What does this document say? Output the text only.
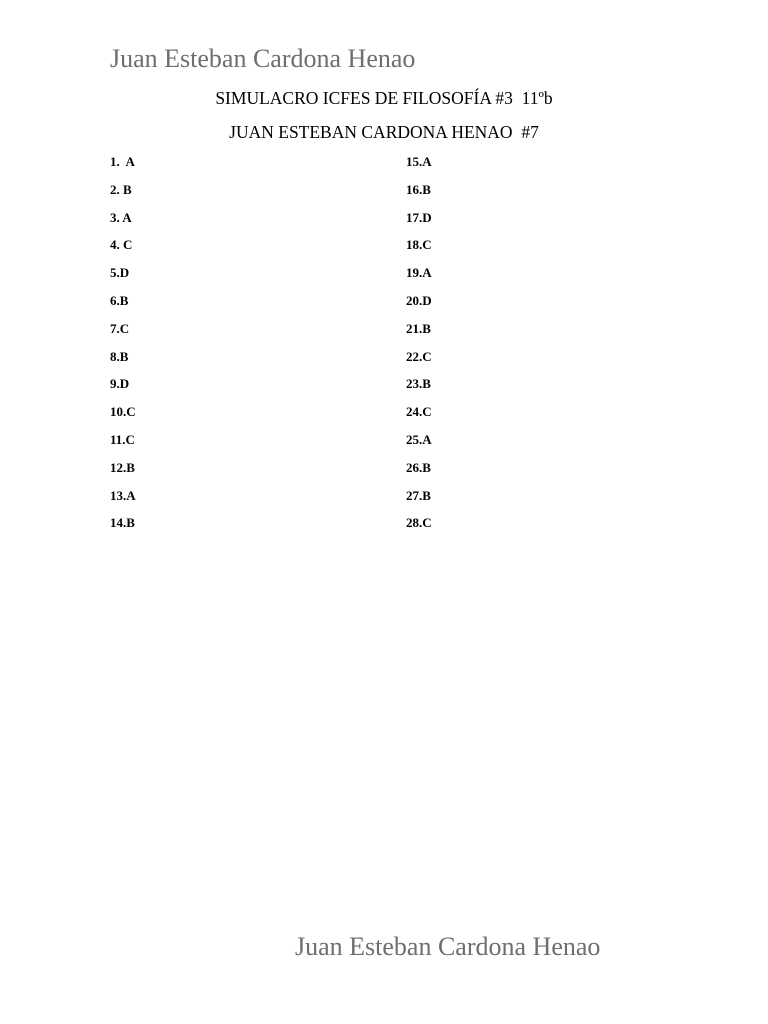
Juan Esteban Cardona Henao
SIMULACRO ICFES DE FILOSOFÍA #3  11ºb
JUAN ESTEBAN CARDONA HENAO  #7
1.  A
2. B
3. A
4. C
5.D
6.B
7.C
8.B
9.D
10.C
11.C
12.B
13.A
14.B
15.A
16.B
17.D
18.C
19.A
20.D
21.B
22.C
23.B
24.C
25.A
26.B
27.B
28.C
Juan Esteban Cardona Henao
